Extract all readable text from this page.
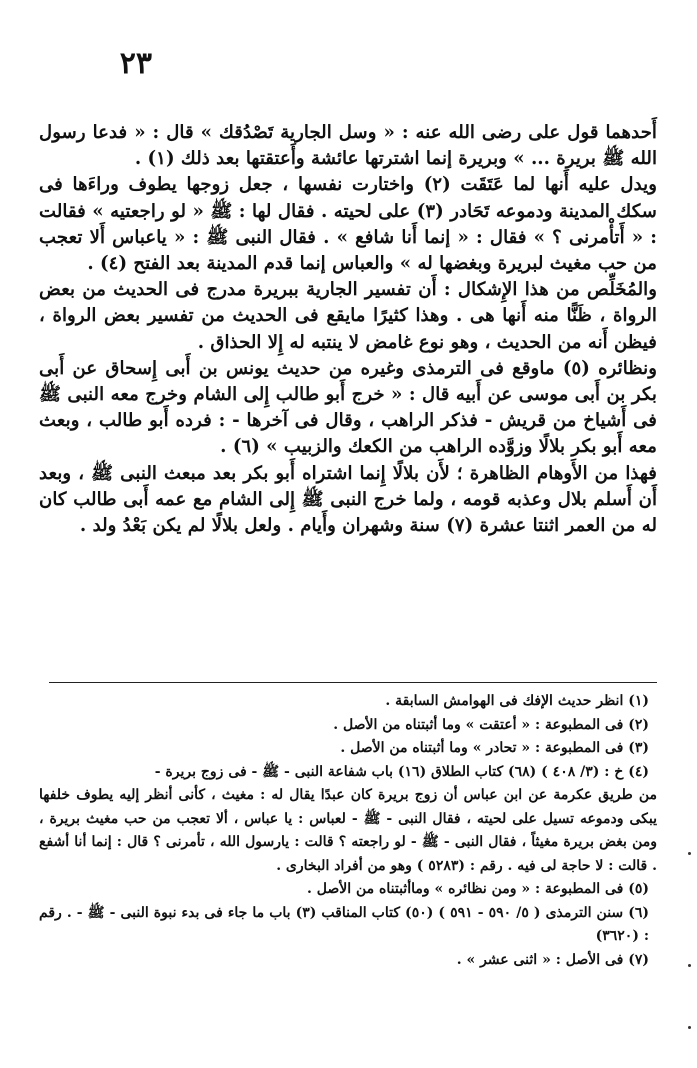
٢٣

أَحدهما قول على رضى الله عنه : « وسل الجارية تَصْدُقك » قال : « فدعا رسول الله ﷺ بريرة ... » وبريرة إنما اشترتها عائشة وأَعتقتها بعد ذلك (١) .

ويدل عليه أَنها لما عَتَقَت (٢) واختارت نفسها ، جعل زوجها يطوف وراءَها فى سكك المدينة ودموعه تَحَادر (٣) على لحيته . فقال لها : ﷺ « لو راجعتيه » فقالت : « أَتأْمرنى ؟ » فقال : « إنما أَنا شافع » . فقال النبى ﷺ : « ياعباس أَلا تعجب من حب مغيث لبريرة وبغضها له » والعباس إنما قدم المدينة بعد الفتح (٤) .

والمُخَلِّص من هذا الإِشكال : أَن تفسير الجارية ببريرة مدرج فى الحديث من بعض الرواة ، ظَنًّا منه أَنها هى . وهذا كثيرًا مايقع فى الحديث من تفسير بعض الرواة ، فيظن أَنه من الحديث ، وهو نوع غامض لا ينتبه له إِلا الحذاق .

ونظائره (٥) ماوقع فى الترمذى وغيره من حديث يونس بن أَبى إِسحاق عن أَبى بكر بن أَبى موسى عن أَبيه قال : « خرج أَبو طالب إِلى الشام وخرج معه النبى ﷺ فى أَشياخ من قريش - فذكر الراهب ، وقال فى آخرها - : فرده أَبو طالب ، وبعث معه أَبو بكر بلالًا وزوَّده الراهب من الكعك والزبيب » (٦) .

فهذا من الأَوهام الظاهرة ؛ لأَن بلالًا إِنما اشتراه أَبو بكر بعد مبعث النبى ﷺ ، وبعد أَن أَسلم بلال وعذبه قومه ، ولما خرج النبى ﷺ إِلى الشام مع عمه أَبى طالب كان له من العمر اثنتا عشرة (٧) سنة وشهران وأَيام . ولعل بلالًا لم يكن بَعْدُ ولد .

(١) انظر حديث الإفك فى الهوامش السابقة .

(٢) فى المطبوعة : « أعتقت » وما أثبتناه من الأصل .

(٣) فى المطبوعة : « تحادر » وما أثبتناه من الأصل .

(٤) خ : (٣/ ٤٠٨ ) (٦٨) كتاب الطلاق (١٦) باب شفاعة النبى - ﷺ - فى زوج بريرة -

من طريق عكرمة عن ابن عباس أن زوج بريرة كان عبدًا يقال له : مغيث ، كأنى أنظر إليه يطوف خلفها يبكى ودموعه تسيل على لحيته ، فقال النبى - ﷺ - لعباس : يا عباس ، ألا تعجب من حب مغيث بريرة ، ومن بغض بريرة مغيثاً ، فقال النبى - ﷺ - لو راجعته ؟ قالت : يارسول الله ، تأمرنى ؟ قال : إنما أنا أشفع . قالت : لا حاجة لى فيه . رقم : (٥٢٨٣ ) وهو من أفراد البخارى .

(٥) فى المطبوعة : « ومن نظائره » وماأثبتناه من الأصل .

(٦) سنن الترمذى ( ٥/ ٥٩٠ - ٥٩١ ) (٥٠) كتاب المناقب (٣) باب ما جاء فى بدء نبوة النبى - ﷺ - . رقم : (٣٦٢٠)

(٧) فى الأصل : « اثنى عشر » .
